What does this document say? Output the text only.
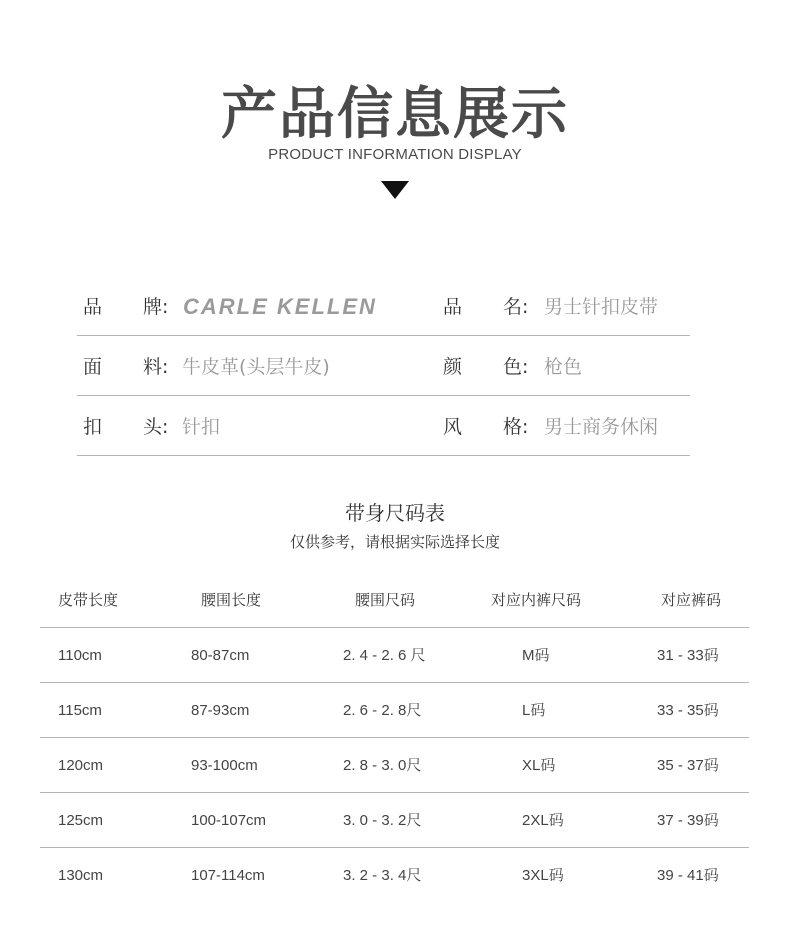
产品信息展示
PRODUCT INFORMATION DISPLAY
品 牌: CARLE KELLEN	品 名: 男士针扣皮带
面 料: 牛皮革(头层牛皮)	颜 色: 枪色
扣 头: 针扣	风 格: 男士商务休闲
带身尺码表
仅供参考，请根据实际选择长度
皮带长度	腰围长度	腰围尺码	对应内裤尺码	对应裤码
110cm	80-87cm	2. 4 - 2. 6 尺	M码	31 - 33码
115cm	87-93cm	2. 6 - 2. 8尺	L码	33 - 35码
120cm	93-100cm	2. 8 - 3. 0尺	XL码	35 - 37码
125cm	100-107cm	3. 0 - 3. 2尺	2XL码	37 - 39码
130cm	107-114cm	3. 2 - 3. 4尺	3XL码	39 - 41码
